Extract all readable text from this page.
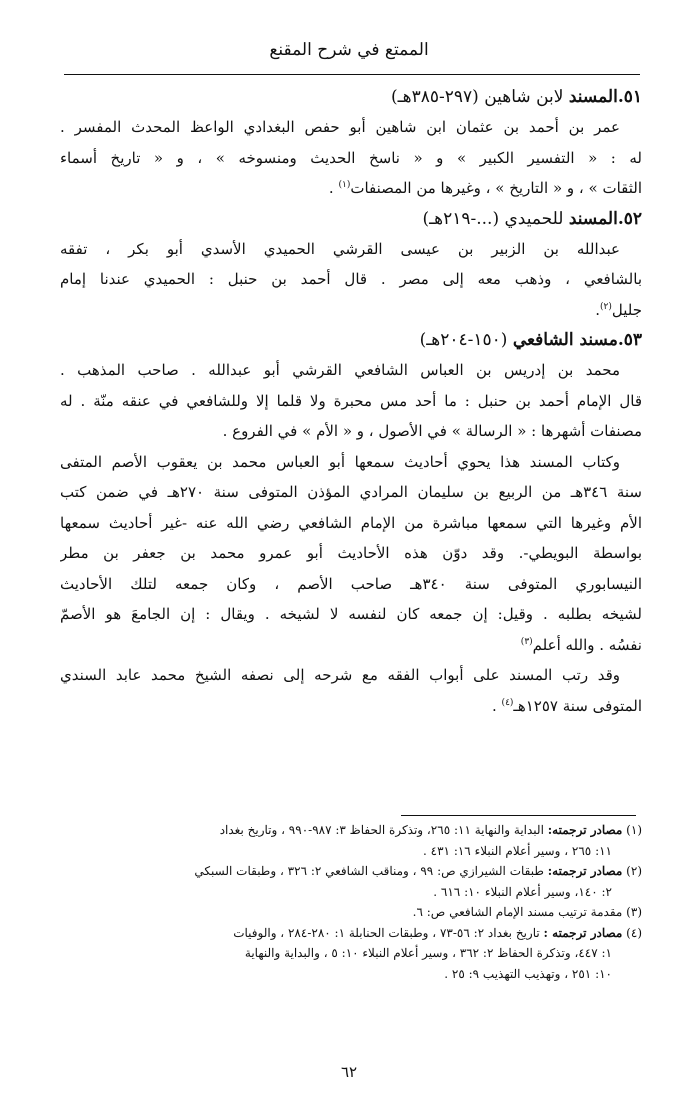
الممتع في شرح المقنع
٥١.المسند لابن شاهين (٢٩٧-٣٨٥هـ)
عمر بن أحمد بن عثمان ابن شاهين أبو حفص البغدادي الواعظ المحدث المفسر .
له : « التفسير الكبير » و « ناسخ الحديث ومنسوخه » ، و « تاريخ أسماء
الثقات » ، و « التاريخ » ، وغيرها من المصنفات$^{(١)}$ .
٥٢.المسند للحميدي (...-٢١٩هـ)
عبدالله بن الزبير بن عيسى القرشي الحميدي الأسدي أبو بكر ، تفقه
بالشافعي ، وذهب معه إلى مصر . قال أحمد بن حنبل : الحميدي عندنا إمام
جليل$^{(٢)}$.
٥٣.مسند الشافعي (١٥٠-٢٠٤هـ)
محمد بن إدريس بن العباس الشافعي القرشي أبو عبدالله . صاحب المذهب .
قال الإمام أحمد بن حنبل : ما أحد مس محبرة ولا قلما إلا وللشافعي في عنقه منّة . له
مصنفات أشهرها : « الرسالة » في الأصول ، و « الأم » في الفروع .
وكتاب المسند هذا يحوي أحاديث سمعها أبو العباس محمد بن يعقوب الأصم المتفى
سنة ٣٤٦هـ من الربيع بن سليمان المرادي المؤذن المتوفى سنة ٢٧٠هـ في ضمن كتب
الأم وغيرها التي سمعها مباشرة من الإمام الشافعي رضي الله عنه -غير أحاديث سمعها
بواسطة البويطي-. وقد دوّن هذه الأحاديث أبو عمرو محمد بن جعفر بن مطر
النيسابوري المتوفى سنة ٣٤٠هـ صاحب الأصم ، وكان جمعه لتلك الأحاديث
لشيخه بطلبه . وقيل: إن جمعه كان لنفسه لا لشيخه . ويقال : إن الجامعَ هو الأصمّ
نفسُه . والله أعلم$^{(٣)}$
وقد رتب المسند على أبواب الفقه مع شرحه إلى نصفه الشيخ محمد عابد السندي
المتوفى سنة ١٢٥٧هـ$^{(٤)}$ .
(١) مصادر ترجمته: البداية والنهاية ١١: ٢٦٥، وتذكرة الحفاظ ٣: ٩٨٧-٩٩٠ ، وتاريخ بغداد
١١: ٢٦٥ ، وسير أعلام النبلاء ١٦: ٤٣١ .
(٢) مصادر ترجمته: طبقات الشيرازي ص: ٩٩ ، ومناقب الشافعي ٢: ٣٢٦ ، وطبقات السبكي
٢: ١٤٠، وسير أعلام النبلاء ١٠: ٦١٦ .
(٣) مقدمة ترتيب مسند الإمام الشافعي ص: ٦.
(٤) مصادر ترجمته : تاريخ بغداد ٢: ٥٦-٧٣ ، وطبقات الحنابلة ١: ٢٨٠-٢٨٤ ، والوفيات
١: ٤٤٧، وتذكرة الحفاظ ٢: ٣٦٢ ، وسير أعلام النبلاء ١٠: ٥ ، والبداية والنهاية
١٠: ٢٥١ ، وتهذيب التهذيب ٩: ٢٥ .
٦٢
